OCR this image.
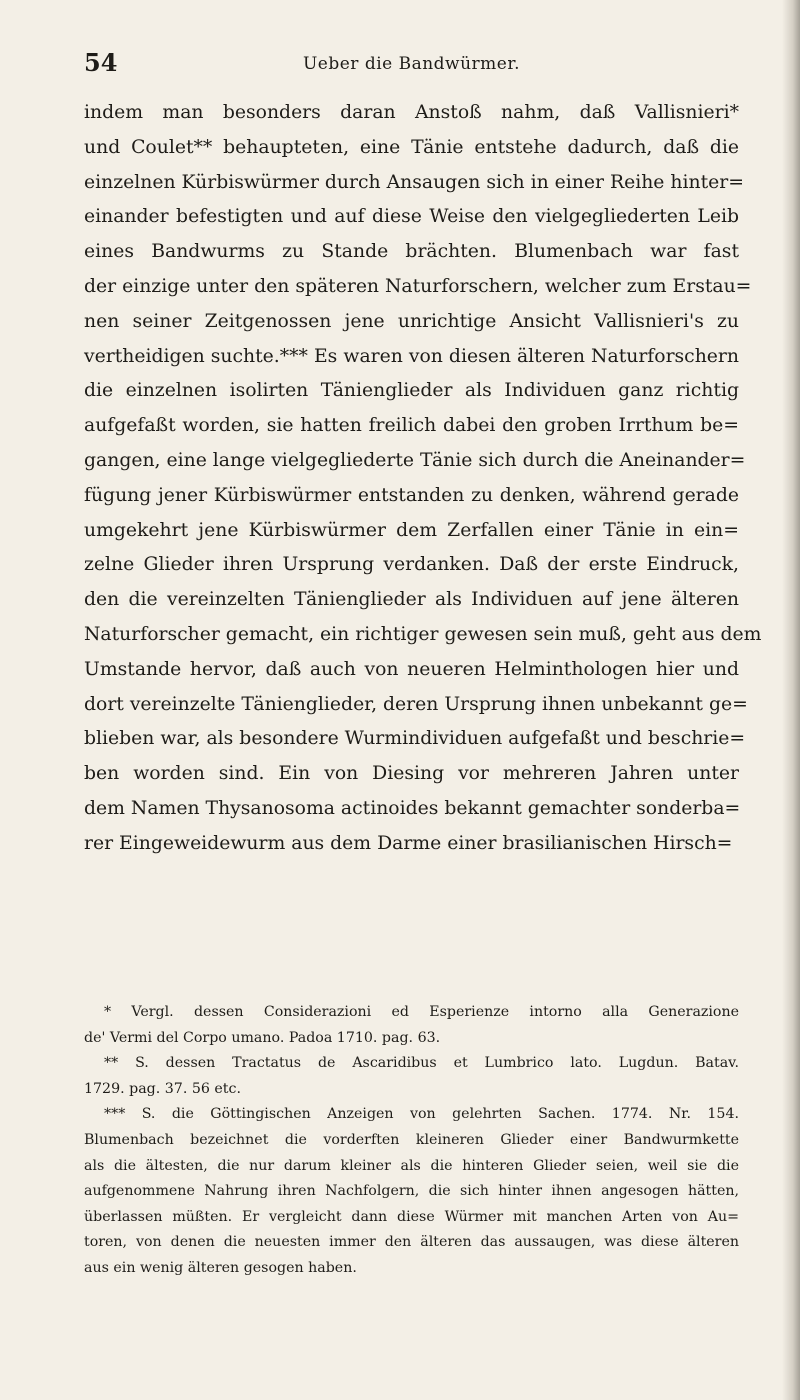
54	Ueber die Bandwürmer.
indem man besonders daran Anstoß nahm, daß Vallisnieri*
und Coulet** behaupteten, eine Tänie entstehe dadurch, daß die
einzelnen Kürbiswürmer durch Ansaugen sich in einer Reihe hinter=
einander befestigten und auf diese Weise den vielgegliederten Leib
eines Bandwurms zu Stande brächten. Blumenbach war fast
der einzige unter den späteren Naturforschern, welcher zum Erstau=
nen seiner Zeitgenossen jene unrichtige Ansicht Vallisnieri's zu
vertheidigen suchte.*** Es waren von diesen älteren Naturforschern
die einzelnen isolirten Tänienglieder als Individuen ganz richtig
aufgefaßt worden, sie hatten freilich dabei den groben Irrthum be=
gangen, eine lange vielgegliederte Tänie sich durch die Aneinander=
fügung jener Kürbiswürmer entstanden zu denken, während gerade
umgekehrt jene Kürbiswürmer dem Zerfallen einer Tänie in ein=
zelne Glieder ihren Ursprung verdanken. Daß der erste Eindruck,
den die vereinzelten Tänienglieder als Individuen auf jene älteren
Naturforscher gemacht, ein richtiger gewesen sein muß, geht aus dem
Umstande hervor, daß auch von neueren Helminthologen hier und
dort vereinzelte Tänienglieder, deren Ursprung ihnen unbekannt ge=
blieben war, als besondere Wurmindividuen aufgefaßt und beschrie=
ben worden sind. Ein von Diesing vor mehreren Jahren unter
dem Namen Thysanosoma actinoides bekannt gemachter sonderba=
rer Eingeweidewurm aus dem Darme einer brasilianischen Hirsch=
* Vergl. dessen Considerazioni ed Esperienze intorno alla Generazione
de' Vermi del Corpo umano. Padoa 1710. pag. 63.
** S. dessen Tractatus de Ascaridibus et Lumbrico lato. Lugdun. Batav.
1729. pag. 37. 56 etc.
*** S. die Göttingischen Anzeigen von gelehrten Sachen. 1774. Nr. 154.
Blumenbach bezeichnet die vorderften kleineren Glieder einer Bandwurmkette
als die ältesten, die nur darum kleiner als die hinteren Glieder seien, weil sie die
aufgenommene Nahrung ihren Nachfolgern, die sich hinter ihnen angesogen hätten,
überlassen müßten. Er vergleicht dann diese Würmer mit manchen Arten von Au=
toren, von denen die neuesten immer den älteren das aussaugen, was diese älteren
aus ein wenig älteren gesogen haben.
